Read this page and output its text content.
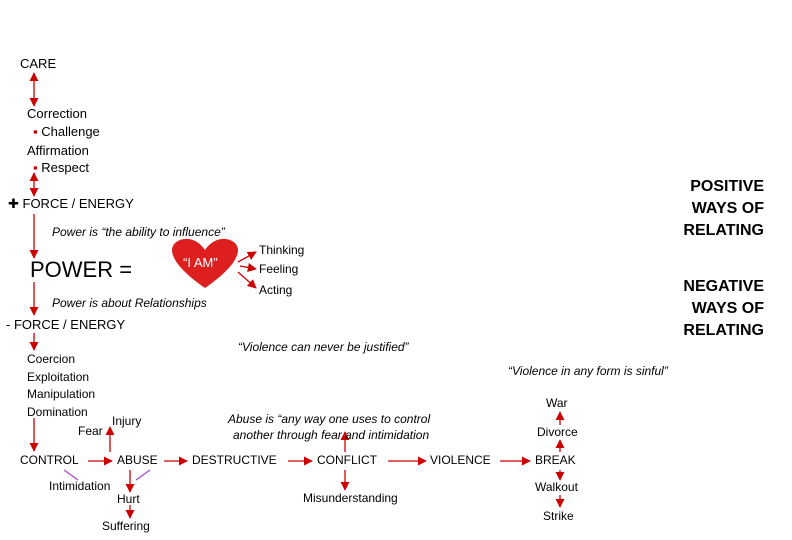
CARE
Correction
▪ Challenge
Affirmation
▪ Respect
✚ FORCE / ENERGY
Power is “the ability to influence”
POWER =	“I AM”
Thinking
Feeling
Acting
Power is about Relationships
- FORCE / ENERGY
Coercion
Exploitation
Manipulation
Domination
Injury
Fear
POSITIVE
WAYS OF
RELATING
NEGATIVE
WAYS OF
RELATING
“Violence can never be justified”
“Violence in any form is sinful”
Abuse is “any way one uses to control
another through fear and intimidation
CONTROL	ABUSE	DESTRUCTIVE	CONFLICT	VIOLENCE	BREAK
Intimidation
Hurt
Suffering
Misunderstanding
War
Divorce
Walkout
Strike
